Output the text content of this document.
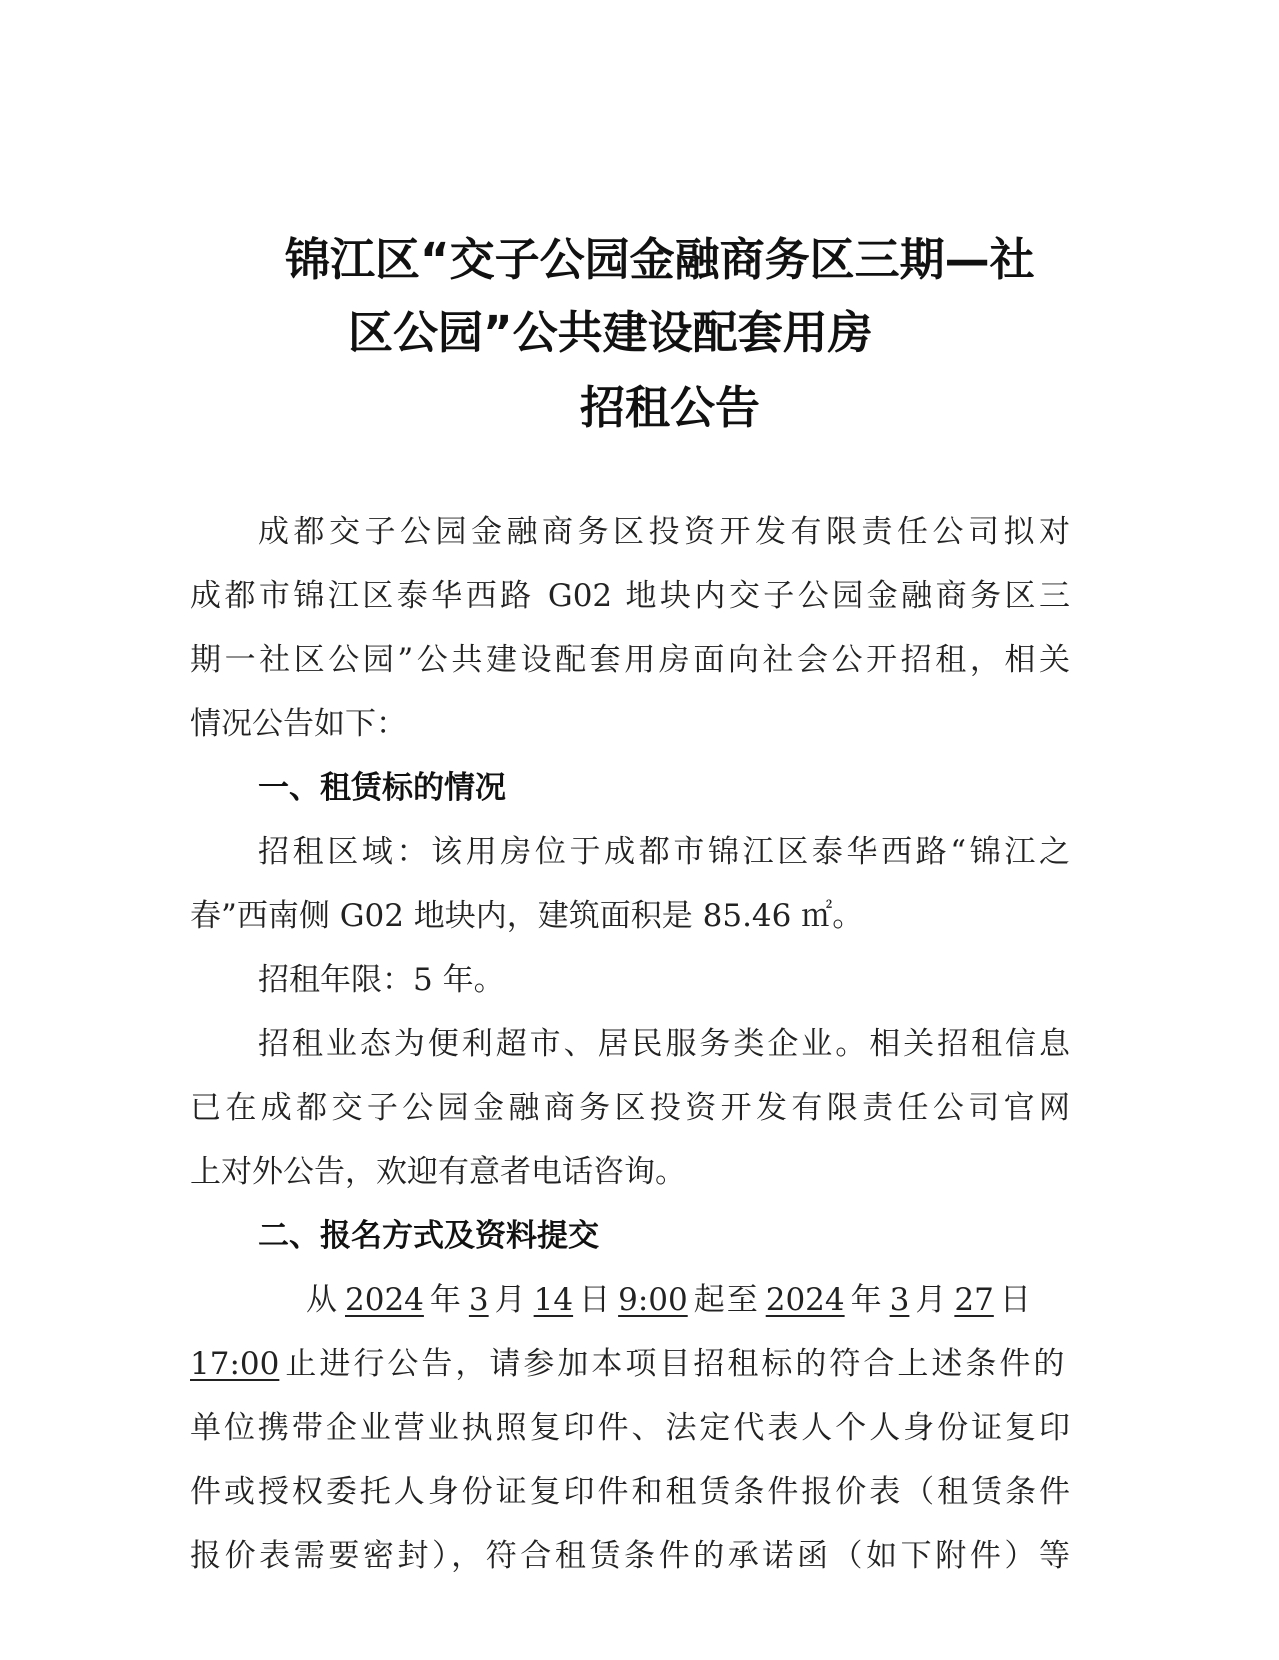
锦江区“交子公园金融商务区三期—社
区公园”公共建设配套用房
招租公告
成都交子公园金融商务区投资开发有限责任公司拟对
成都市锦江区泰华西路 G02 地块内交子公园金融商务区三
期一社区公园”公共建设配套用房面向社会公开招租，相关
情况公告如下：
一、租赁标的情况
招租区域：该用房位于成都市锦江区泰华西路“锦江之
春”西南侧 G02 地块内，建筑面积是 85.46 ㎡。
招租年限：5 年。
招租业态为便利超市、居民服务类企业。相关招租信息
已在成都交子公园金融商务区投资开发有限责任公司官网
上对外公告，欢迎有意者电话咨询。
二、报名方式及资料提交
从 2024 年 3 月 14 日 9:00 起至 2024 年 3 月 27 日
17:00 止进行公告，请参加本项目招租标的符合上述条件的
单位携带企业营业执照复印件、法定代表人个人身份证复印
件或授权委托人身份证复印件和租赁条件报价表（租赁条件
报价表需要密封），符合租赁条件的承诺函（如下附件）等
